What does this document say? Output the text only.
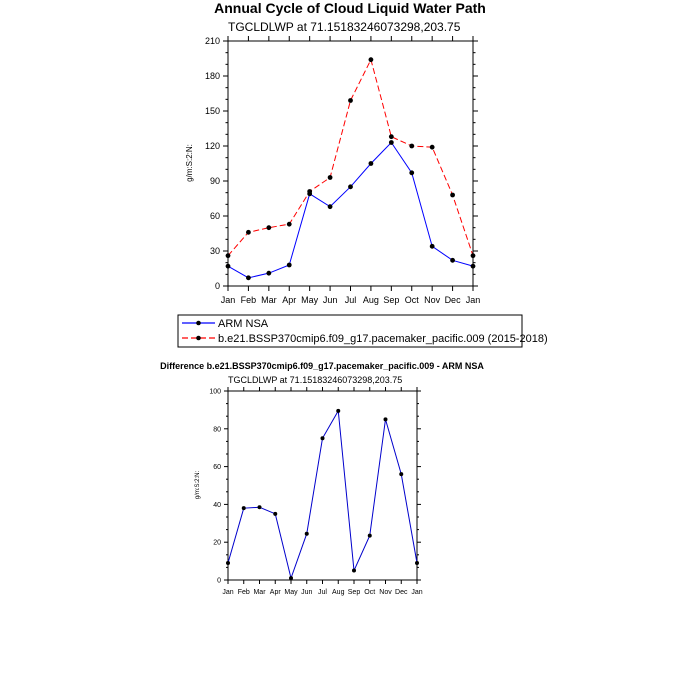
Annual Cycle of Cloud Liquid Water Path
TGCLDLWP at 71.15183246073298,203.75
0
30
60
90
120
150
180
210
Jan Feb Mar Apr May Jun Jul Aug Sep Oct Nov Dec Jan
g/m:S:2:N:
ARM NSA
b.e21.BSSP370cmip6.f09_g17.pacemaker_pacific.009 (2015-2018)
Difference b.e21.BSSP370cmip6.f09_g17.pacemaker_pacific.009 - ARM NSA
TGCLDLWP at 71.15183246073298,203.75
0
20
40
60
80
100
Jan Feb Mar Apr May Jun Jul Aug Sep Oct Nov Dec Jan
g/m:S:2:N:
